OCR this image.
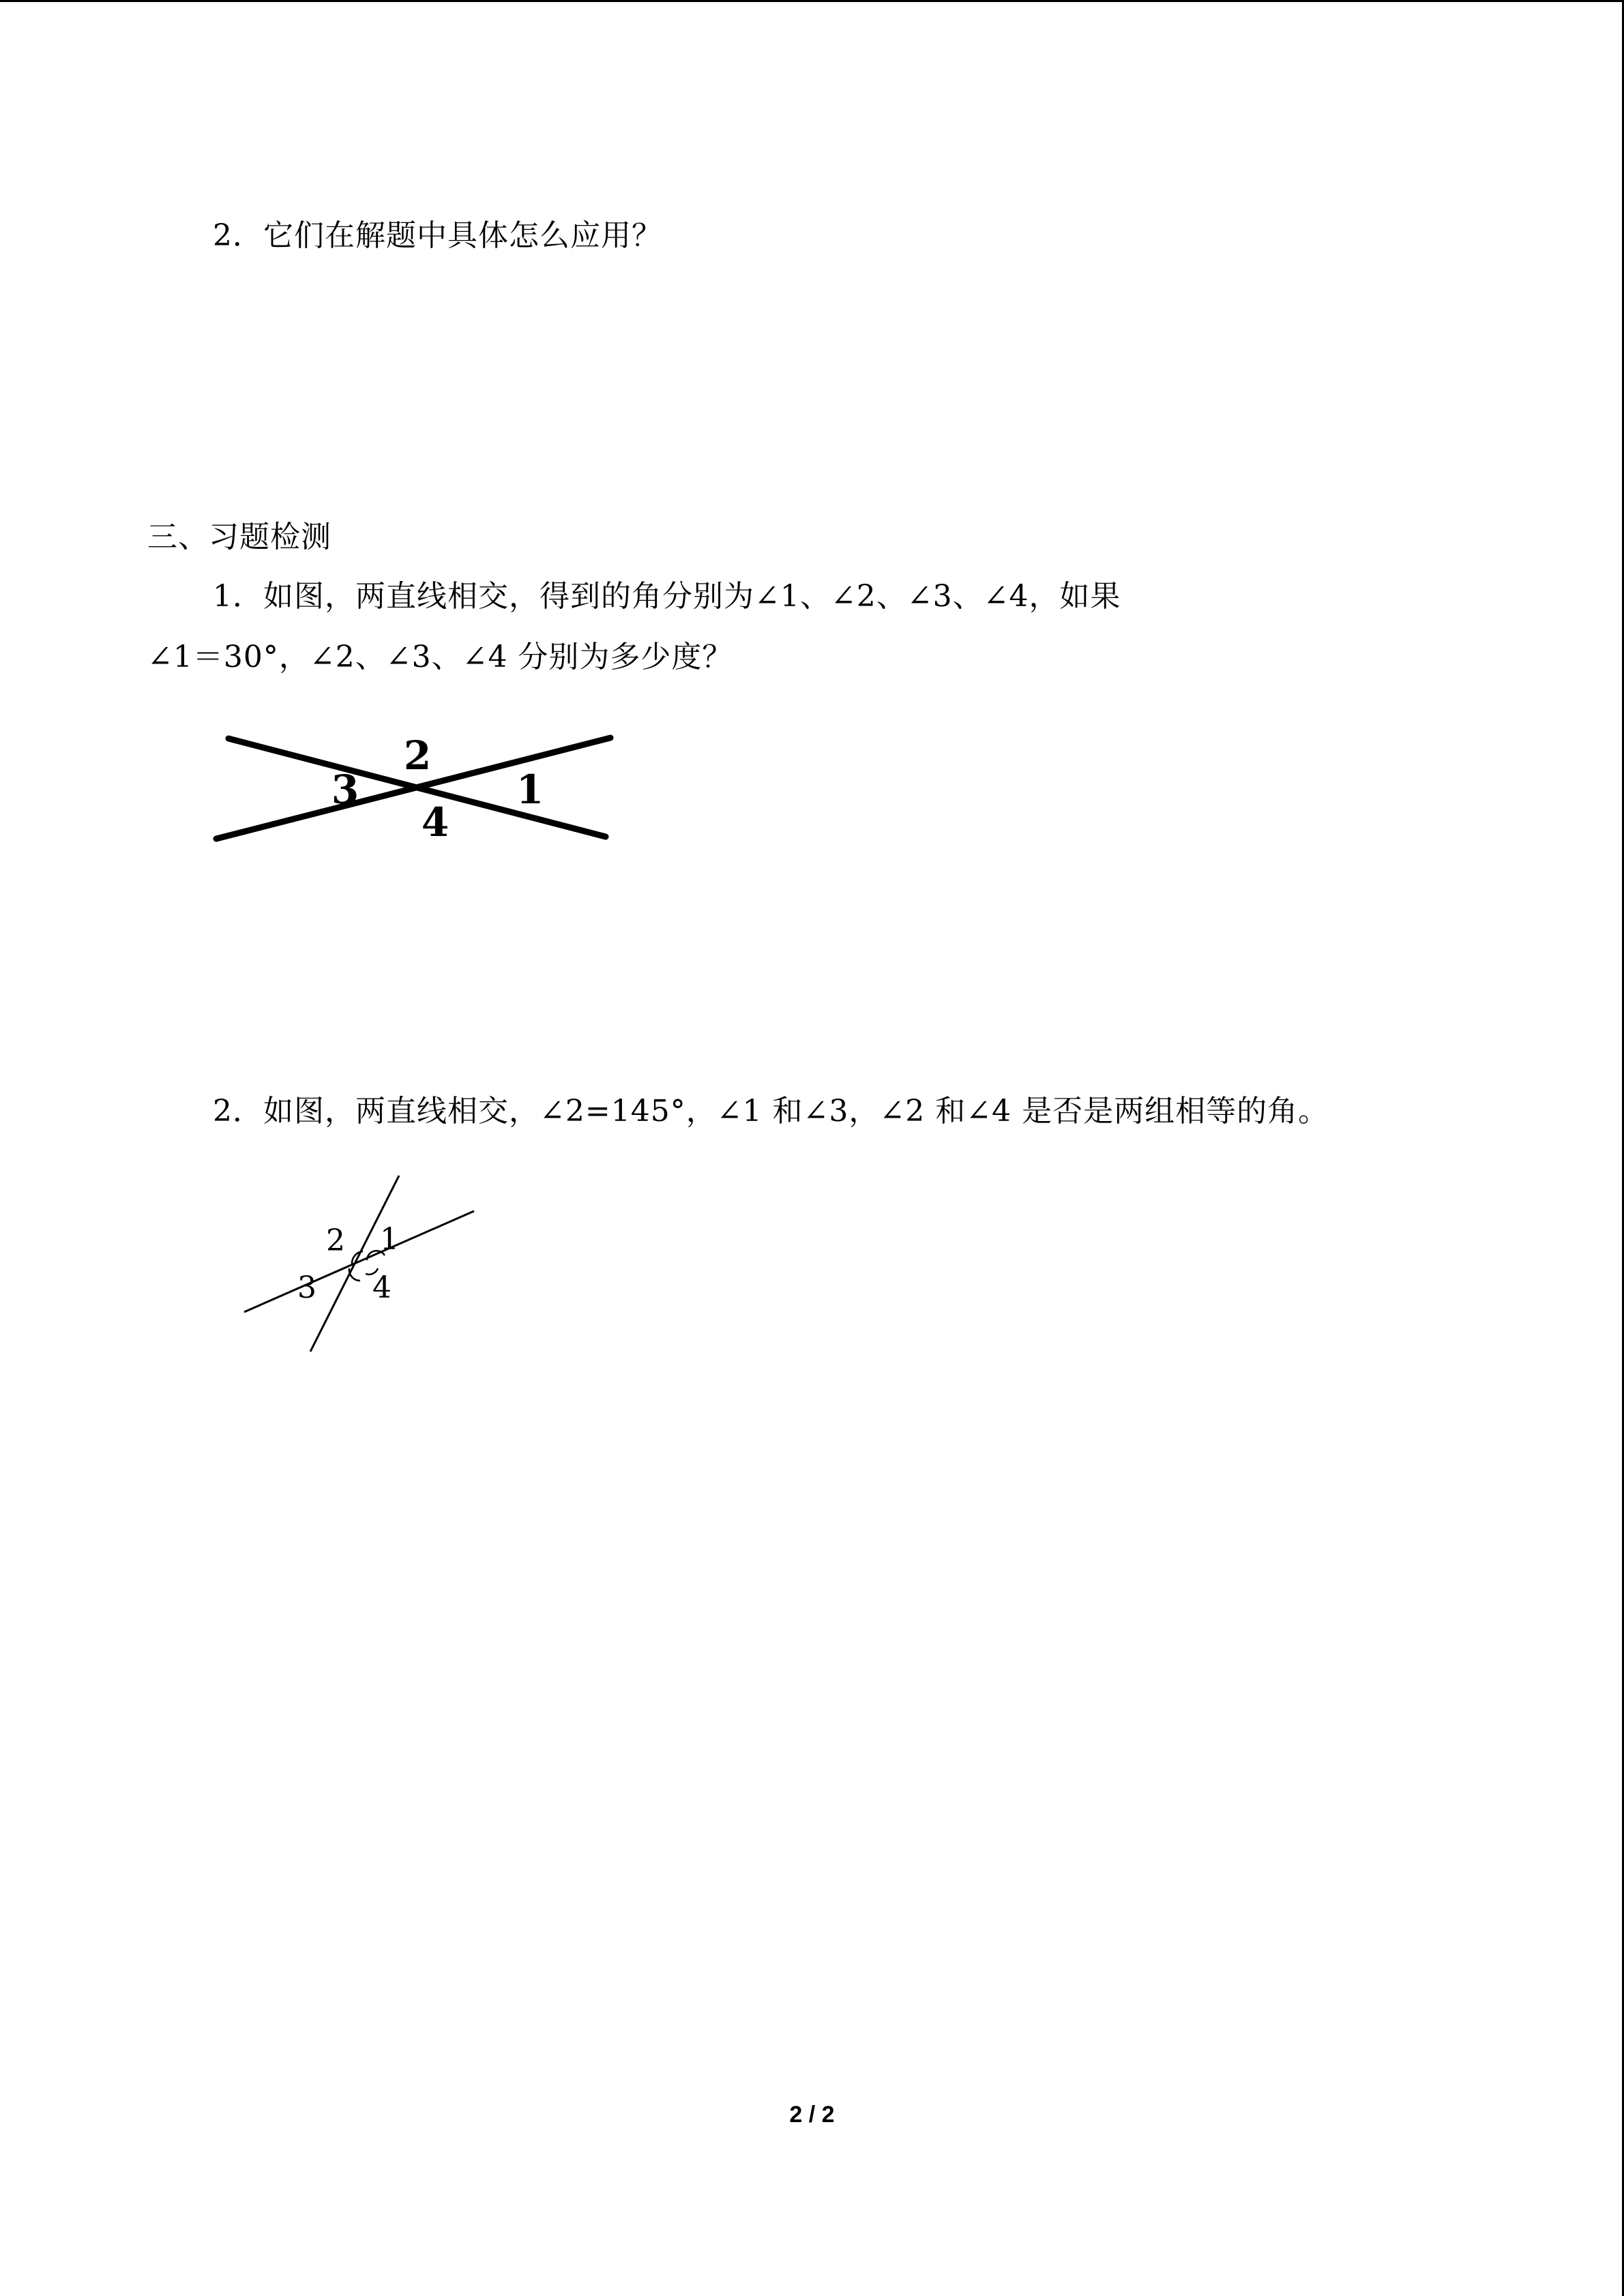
2．它们在解题中具体怎么应用？
三、习题检测
1．如图，两直线相交，得到的角分别为∠1、∠2、∠3、∠4，如果
∠1＝30°，∠2、∠3、∠4 分别为多少度？
2
3	1
4
2．如图，两直线相交，∠2=145°，∠1 和∠3，∠2 和∠4 是否是两组相等的角。
2 1
3 4
2 / 2
